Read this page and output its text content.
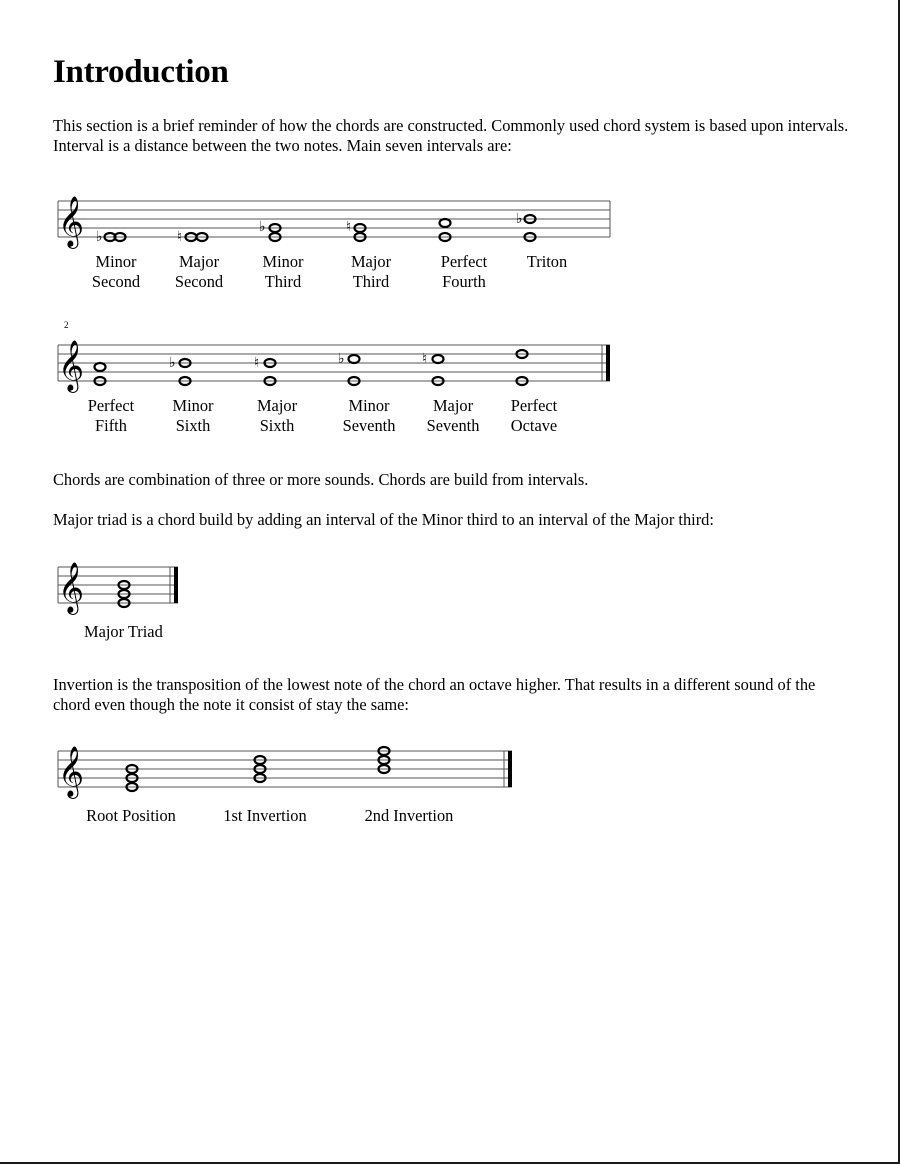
Introduction

This section is a brief reminder of how the chords are constructed. Commonly used chord system is based upon intervals. Interval is a distance between the two notes. Main seven intervals are:

𝄞 ♭	♮
♭	♮	♭
Minor
Second
Major
Second
Minor
Third
Major
Third
Perfect
Fourth
Triton
2
𝄞	♭	♮	♭	♮
Perfect
Fifth
Minor
Sixth
Major
Sixth
Minor
Seventh
Major
Seventh
Perfect
Octave

Chords are combination of three or more sounds. Chords are build from intervals.

Major triad is a chord build by adding an interval of the Minor third to an interval of the Major third:

𝄞
Major Triad

Invertion is the transposition of the lowest note of the chord an octave higher. That results in a different sound of the chord even though the note it consist of stay the same:

𝄞
Root Position	1st Invertion	2nd Invertion
